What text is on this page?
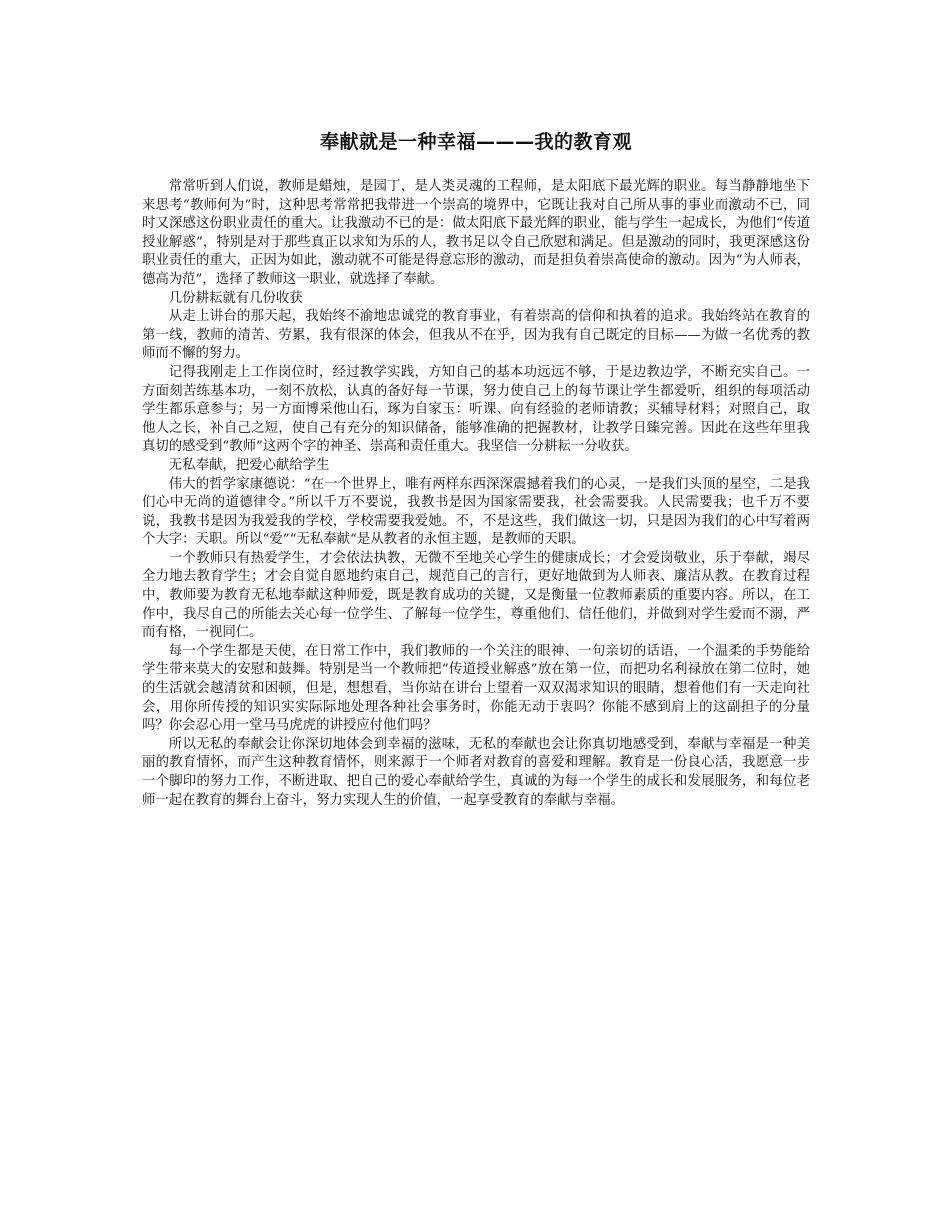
奉献就是一种幸福———我的教育观

常常听到人们说，教师是蜡烛，是园丁，是人类灵魂的工程师，是太阳底下最光辉的职业。每当静静地坐下来思考“教师何为”时，这种思考常常把我带进一个崇高的境界中，它既让我对自己所从事的事业而激动不已，同时又深感这份职业责任的重大。让我激动不已的是：做太阳底下最光辉的职业，能与学生一起成长，为他们“传道授业解惑”，特别是对于那些真正以求知为乐的人，教书足以令自己欣慰和满足。但是激动的同时，我更深感这份职业责任的重大，正因为如此，激动就不可能是得意忘形的激动，而是担负着崇高使命的激动。因为“为人师表，德高为范”，选择了教师这一职业，就选择了奉献。

几份耕耘就有几份收获

从走上讲台的那天起，我始终不渝地忠诚党的教育事业，有着崇高的信仰和执着的追求。我始终站在教育的第一线，教师的清苦、劳累，我有很深的体会，但我从不在乎，因为我有自己既定的目标——为做一名优秀的教师而不懈的努力。

记得我刚走上工作岗位时，经过教学实践，方知自己的基本功远远不够，于是边教边学，不断充实自己。一方面刻苦练基本功，一刻不放松，认真的备好每一节课，努力使自己上的每节课让学生都爱听，组织的每项活动学生都乐意参与；另一方面博采他山石，琢为自家玉：听课、向有经验的老师请教；买辅导材料；对照自己，取他人之长，补自己之短，使自己有充分的知识储备，能够准确的把握教材，让教学日臻完善。因此在这些年里我真切的感受到“教师”这两个字的神圣、崇高和责任重大。我坚信一分耕耘一分收获。

无私奉献，把爱心献给学生

伟大的哲学家康德说：“在一个世界上，唯有两样东西深深震撼着我们的心灵，一是我们头顶的星空，二是我们心中无尚的道德律令。”所以千万不要说，我教书是因为国家需要我，社会需要我。人民需要我；也千万不要说，我教书是因为我爱我的学校，学校需要我爱她。不，不是这些，我们做这一切，只是因为我们的心中写着两个大字：天职。所以“爱”“无私奉献“是从教者的永恒主题，是教师的天职。

一个教师只有热爱学生，才会依法执教，无微不至地关心学生的健康成长；才会爱岗敬业，乐于奉献，竭尽全力地去教育学生；才会自觉自愿地约束自己，规范自己的言行，更好地做到为人师表、廉洁从教。在教育过程中，教师要为教育无私地奉献这种师爱，既是教育成功的关键，又是衡量一位教师素质的重要内容。所以，在工作中，我尽自己的所能去关心每一位学生、了解每一位学生，尊重他们、信任他们，并做到对学生爱而不溺，严而有格，一视同仁。

每一个学生都是天使，在日常工作中，我们教师的一个关注的眼神、一句亲切的话语，一个温柔的手势能给学生带来莫大的安慰和鼓舞。特别是当一个教师把“传道授业解惑”放在第一位，而把功名利禄放在第二位时，她的生活就会越清贫和困顿，但是，想想看，当你站在讲台上望着一双双渴求知识的眼睛，想着他们有一天走向社会，用你所传授的知识实实际际地处理各种社会事务时，你能无动于衷吗？你能不感到肩上的这副担子的分量吗？你会忍心用一堂马马虎虎的讲授应付他们吗？

所以无私的奉献会让你深切地体会到幸福的滋味，无私的奉献也会让你真切地感受到，奉献与幸福是一种美丽的教育情怀，而产生这种教育情怀，则来源于一个师者对教育的喜爱和理解。教育是一份良心活，我愿意一步一个脚印的努力工作，不断进取、把自己的爱心奉献给学生，真诚的为每一个学生的成长和发展服务，和每位老师一起在教育的舞台上奋斗，努力实现人生的价值，一起享受教育的奉献与幸福。
